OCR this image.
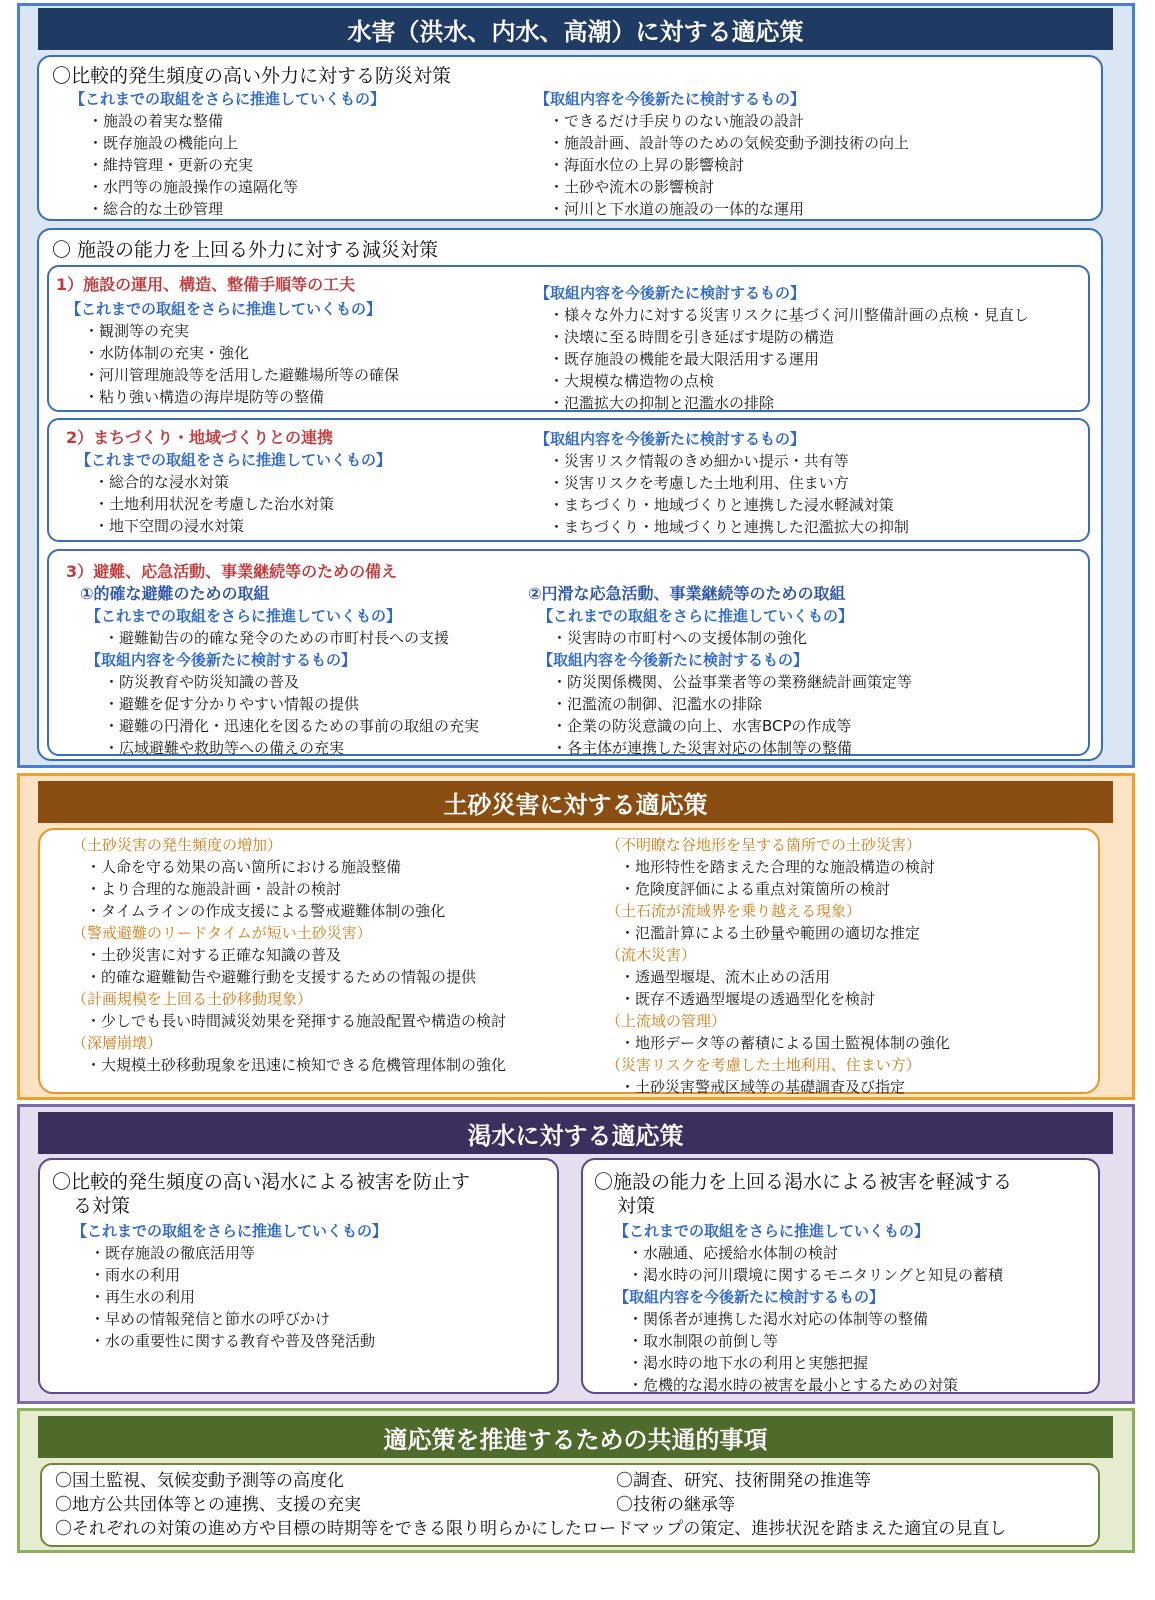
水害（洪水、内水、高潮）に対する適応策
〇比較的発生頻度の高い外力に対する防災対策
【これまでの取組をさらに推進していくもの】
・施設の着実な整備
・既存施設の機能向上
・維持管理・更新の充実
・水門等の施設操作の遠隔化等
・総合的な土砂管理
【取組内容を今後新たに検討するもの】
・できるだけ手戻りのない施設の設計
・施設計画、設計等のための気候変動予測技術の向上
・海面水位の上昇の影響検討
・土砂や流木の影響検討
・河川と下水道の施設の一体的な運用
〇 施設の能力を上回る外力に対する減災対策
1）施設の運用、構造、整備手順等の工夫
【これまでの取組をさらに推進していくもの】
・観測等の充実
・水防体制の充実・強化
・河川管理施設等を活用した避難場所等の確保
・粘り強い構造の海岸堤防等の整備
【取組内容を今後新たに検討するもの】
・様々な外力に対する災害リスクに基づく河川整備計画の点検・見直し
・決壊に至る時間を引き延ばす堤防の構造
・既存施設の機能を最大限活用する運用
・大規模な構造物の点検
・氾濫拡大の抑制と氾濫水の排除
2）まちづくり・地域づくりとの連携
【これまでの取組をさらに推進していくもの】
・総合的な浸水対策
・土地利用状況を考慮した治水対策
・地下空間の浸水対策
【取組内容を今後新たに検討するもの】
・災害リスク情報のきめ細かい提示・共有等
・災害リスクを考慮した土地利用、住まい方
・まちづくり・地域づくりと連携した浸水軽減対策
・まちづくり・地域づくりと連携した氾濫拡大の抑制
3）避難、応急活動、事業継続等のための備え
①的確な避難のための取組
【これまでの取組をさらに推進していくもの】
・避難勧告の的確な発令のための市町村長への支援
【取組内容を今後新たに検討するもの】
・防災教育や防災知識の普及
・避難を促す分かりやすい情報の提供
・避難の円滑化・迅速化を図るための事前の取組の充実
・広域避難や救助等への備えの充実
②円滑な応急活動、事業継続等のための取組
【これまでの取組をさらに推進していくもの】
・災害時の市町村への支援体制の強化
【取組内容を今後新たに検討するもの】
・防災関係機関、公益事業者等の業務継続計画策定等
・氾濫流の制御、氾濫水の排除
・企業の防災意識の向上、水害BCPの作成等
・各主体が連携した災害対応の体制等の整備
土砂災害に対する適応策
（土砂災害の発生頻度の増加）
・人命を守る効果の高い箇所における施設整備
・より合理的な施設計画・設計の検討
・タイムラインの作成支援による警戒避難体制の強化
（警戒避難のリードタイムが短い土砂災害）
・土砂災害に対する正確な知識の普及
・的確な避難勧告や避難行動を支援するための情報の提供
（計画規模を上回る土砂移動現象）
・少しでも長い時間減災効果を発揮する施設配置や構造の検討
（深層崩壊）
・大規模土砂移動現象を迅速に検知できる危機管理体制の強化
（不明瞭な谷地形を呈する箇所での土砂災害）
・地形特性を踏まえた合理的な施設構造の検討
・危険度評価による重点対策箇所の検討
（土石流が流域界を乗り越える現象）
・氾濫計算による土砂量や範囲の適切な推定
（流木災害）
・透過型堰堤、流木止めの活用
・既存不透過型堰堤の透過型化を検討
（上流域の管理）
・地形データ等の蓄積による国土監視体制の強化
（災害リスクを考慮した土地利用、住まい方）
・土砂災害警戒区域等の基礎調査及び指定
渇水に対する適応策
〇比較的発生頻度の高い渇水による被害を防止す
る対策
【これまでの取組をさらに推進していくもの】
・既存施設の徹底活用等
・雨水の利用
・再生水の利用
・早めの情報発信と節水の呼びかけ
・水の重要性に関する教育や普及啓発活動
〇施設の能力を上回る渇水による被害を軽減する
対策
【これまでの取組をさらに推進していくもの】
・水融通、応援給水体制の検討
・渇水時の河川環境に関するモニタリングと知見の蓄積
【取組内容を今後新たに検討するもの】
・関係者が連携した渇水対応の体制等の整備
・取水制限の前倒し等
・渇水時の地下水の利用と実態把握
・危機的な渇水時の被害を最小とするための対策
適応策を推進するための共通的事項
〇国土監視、気候変動予測等の高度化	〇調査、研究、技術開発の推進等
〇地方公共団体等との連携、支援の充実	〇技術の継承等
〇それぞれの対策の進め方や目標の時期等をできる限り明らかにしたロードマップの策定、進捗状況を踏まえた適宜の見直し
